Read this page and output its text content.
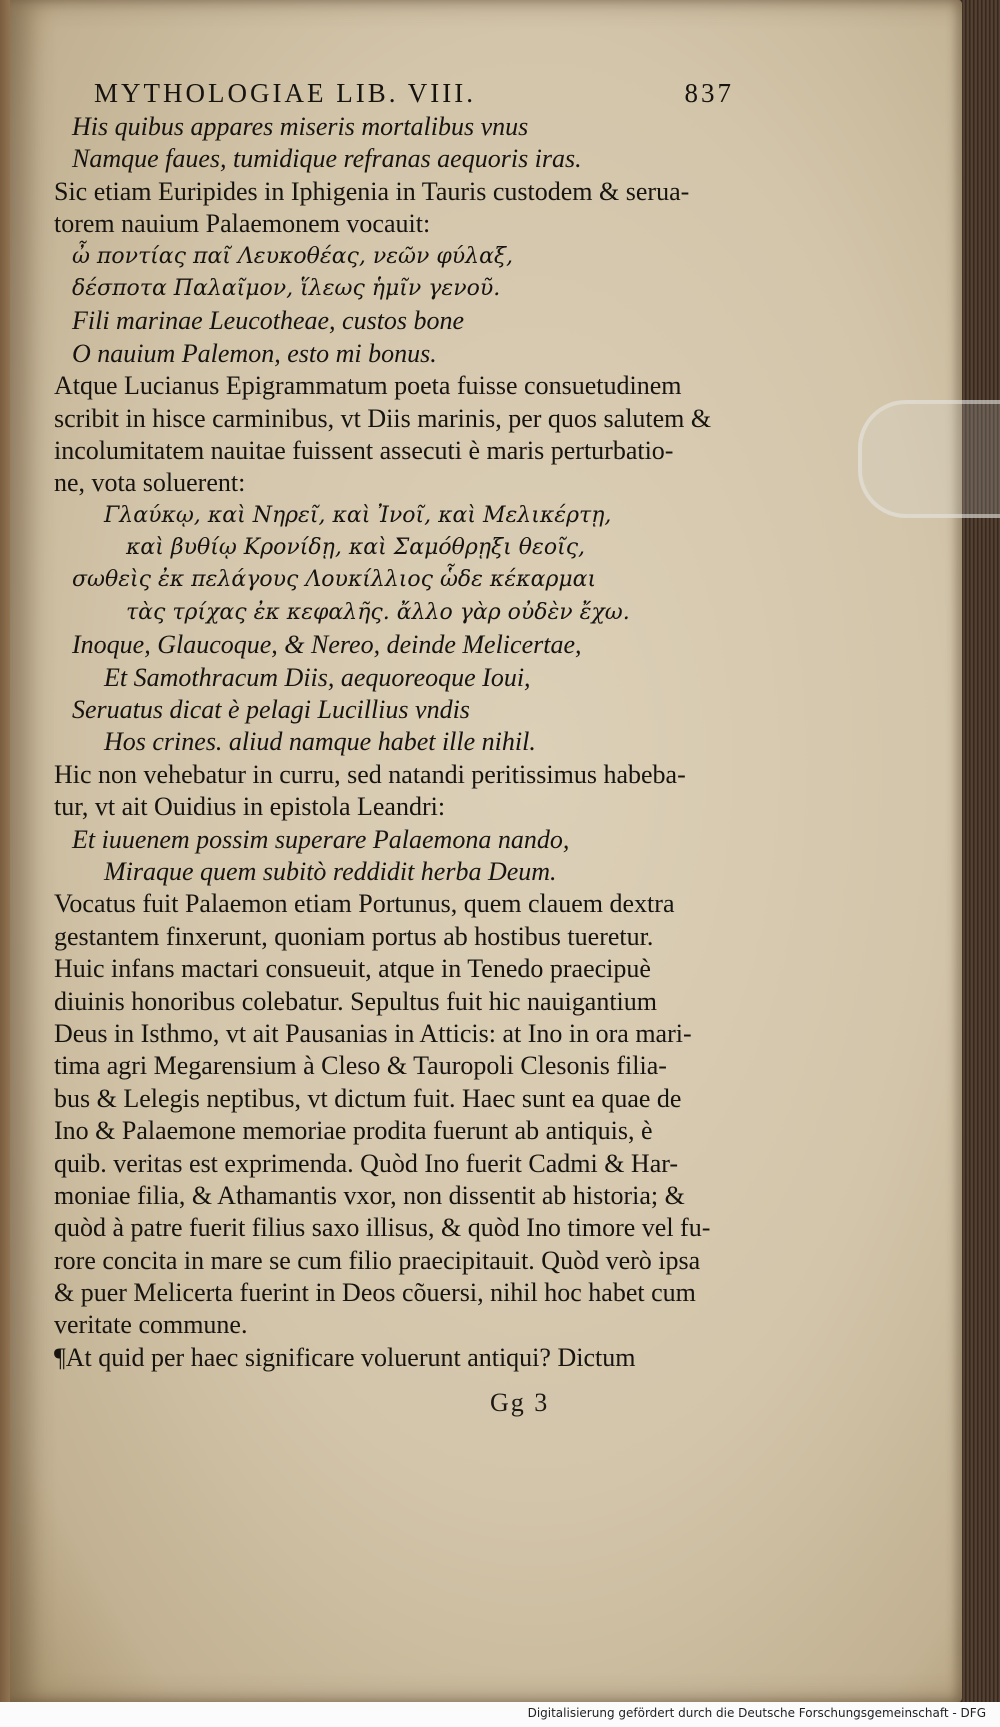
MYTHOLOGIAE LIB. VIII.	837
His quibus appares miseris mortalibus vnus
Namque faues, tumidique refranas aequoris iras.
Sic etiam Euripides in Iphigenia in Tauris custodem & serua-
torem nauium Palaemonem vocauit:
ὦ ποντίας παῖ Λευκοθέας, νεῶν φύλαξ,
δέσποτα Παλαῖμον, ἵλεως ἡμῖν γενοῦ.
Fili marinae Leucotheae, custos bone
O nauium Palemon, esto mi bonus.
Atque Lucianus Epigrammatum poeta fuisse consuetudinem
scribit in hisce carminibus, vt Diis marinis, per quos salutem &
incolumitatem nauitae fuissent assecuti è maris perturbatio-
ne, vota soluerent:
Γλαύκῳ, καὶ Νηρεῖ, καὶ Ἰνοῖ, καὶ Μελικέρτῃ,
καὶ βυθίῳ Κρονίδῃ, καὶ Σαμόθρῃξι θεοῖς,
σωθεὶς ἐκ πελάγους Λουκίλλιος ὧδε κέκαρμαι
τὰς τρίχας ἐκ κεφαλῆς. ἄλλο γὰρ οὐδὲν ἔχω.
Inoque, Glaucoque, & Nereo, deinde Melicertae,
Et Samothracum Diis, aequoreoque Ioui,
Seruatus dicat è pelagi Lucillius vndis
Hos crines. aliud namque habet ille nihil.
Hic non vehebatur in curru, sed natandi peritissimus habeba-
tur, vt ait Ouidius in epistola Leandri:
Et iuuenem possim superare Palaemona nando,
Miraque quem subitò reddidit herba Deum.
Vocatus fuit Palaemon etiam Portunus, quem clauem dextra
gestantem finxerunt, quoniam portus ab hostibus tueretur.
Huic infans mactari consueuit, atque in Tenedo praecipuè
diuinis honoribus colebatur. Sepultus fuit hic nauigantium
Deus in Isthmo, vt ait Pausanias in Atticis: at Ino in ora mari-
tima agri Megarensium à Cleso & Tauropoli Clesonis filia-
bus & Lelegis neptibus, vt dictum fuit. Haec sunt ea quae de
Ino & Palaemone memoriae prodita fuerunt ab antiquis, è
quib. veritas est exprimenda. Quòd Ino fuerit Cadmi & Har-
moniae filia, & Athamantis vxor, non dissentit ab historia; &
quòd à patre fuerit filius saxo illisus, & quòd Ino timore vel fu-
rore concita in mare se cum filio praecipitauit. Quòd verò ipsa
& puer Melicerta fuerint in Deos cõuersi, nihil hoc habet cum
veritate commune.
¶At quid per haec significare voluerunt antiqui? Dictum
Gg 3
Digitalisierung gefördert durch die Deutsche Forschungsgemeinschaft - DFG
